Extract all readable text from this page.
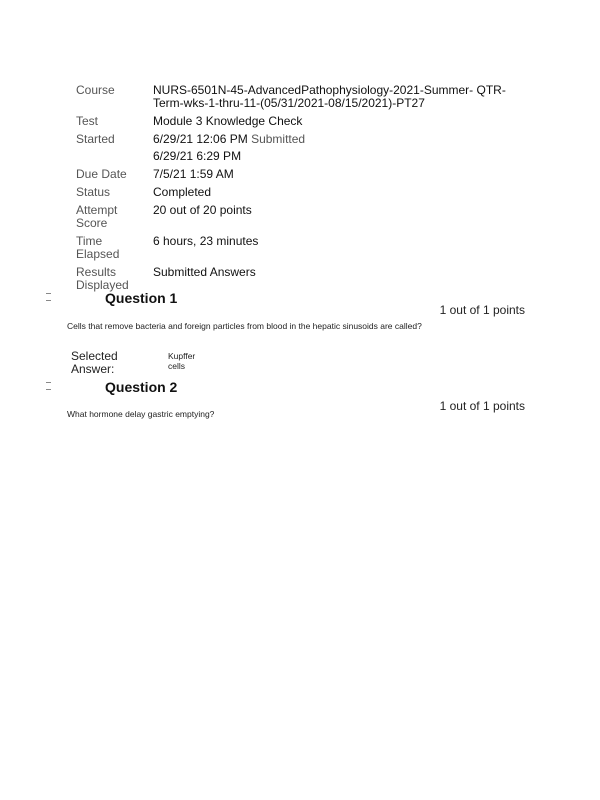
Course	NURS-6501N-45-AdvancedPathophysiology-2021-Summer- QTR-
Term-wks-1-thru-11-(05/31/2021-08/15/2021)-PT27

Test	Module 3 Knowledge Check
Started	6/29/21 12:06 PM Submitted
6/29/21 6:29 PM

Due Date	7/5/21 1:59 AM
Status	Completed

Attempt
Score	20 out of 20 points

Time
Elapsed	6 hours, 23 minutes

Results
Displayed	Submitted Answers
Question 1
1 out of 1 points
Cells that remove bacteria and foreign particles from blood in the hepatic sinusoids are called?
Selected
Answer:
Kupffer
cells
Question 2
1 out of 1 points
What hormone delay gastric emptying?
